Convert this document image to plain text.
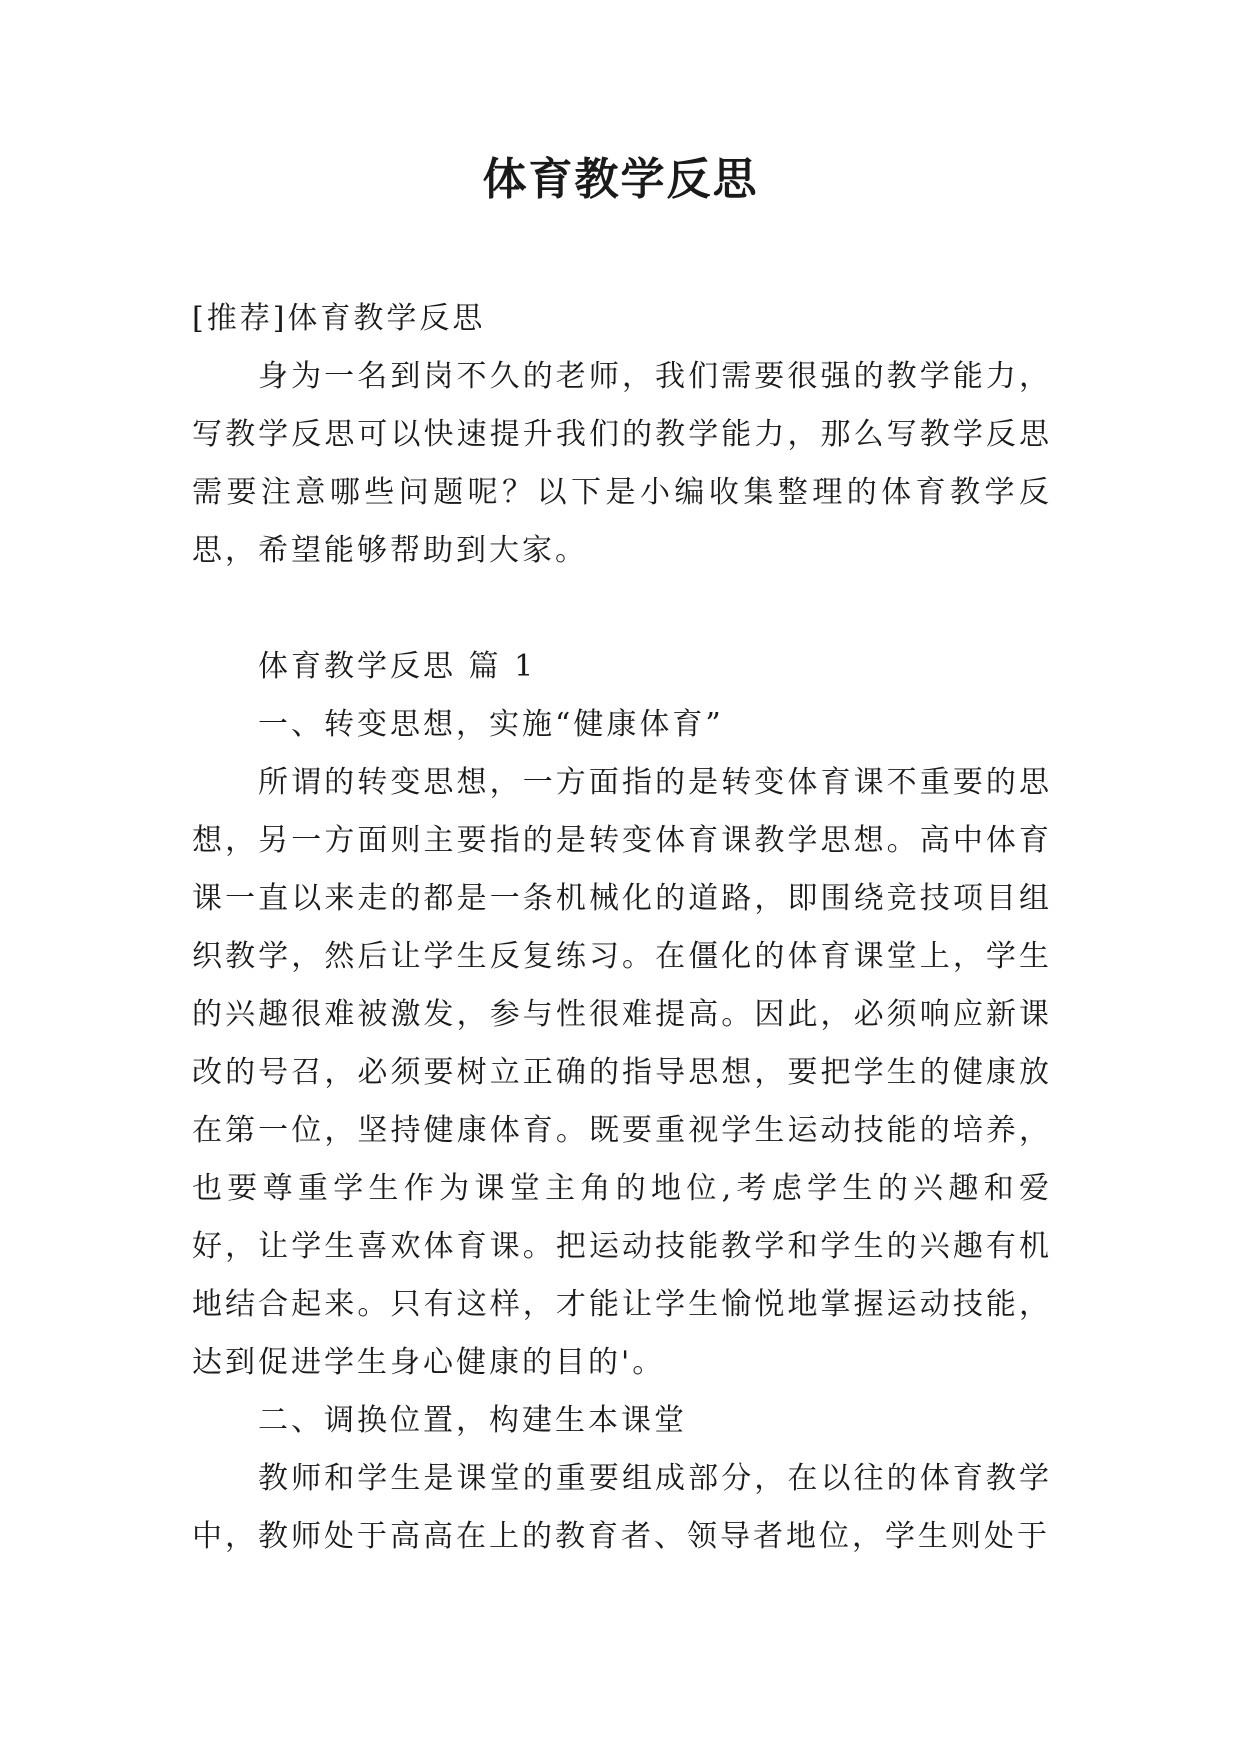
体育教学反思

[推荐]体育教学反思

身为一名到岗不久的老师，我们需要很强的教学能力，写教学反思可以快速提升我们的教学能力，那么写教学反思需要注意哪些问题呢？以下是小编收集整理的体育教学反思，希望能够帮助到大家。

体育教学反思 篇 1

一、转变思想，实施“健康体育”

所谓的转变思想，一方面指的是转变体育课不重要的思想，另一方面则主要指的是转变体育课教学思想。高中体育课一直以来走的都是一条机械化的道路，即围绕竞技项目组织教学，然后让学生反复练习。在僵化的体育课堂上，学生的兴趣很难被激发，参与性很难提高。因此，必须响应新课改的号召，必须要树立正确的指导思想，要把学生的健康放在第一位，坚持健康体育。既要重视学生运动技能的培养，也要尊重学生作为课堂主角的地位,考虑学生的兴趣和爱好，让学生喜欢体育课。把运动技能教学和学生的兴趣有机地结合起来。只有这样，才能让学生愉悦地掌握运动技能，达到促进学生身心健康的目的'。

二、调换位置，构建生本课堂

教师和学生是课堂的重要组成部分，在以往的体育教学中，教师处于高高在上的教育者、领导者地位，学生则处于
